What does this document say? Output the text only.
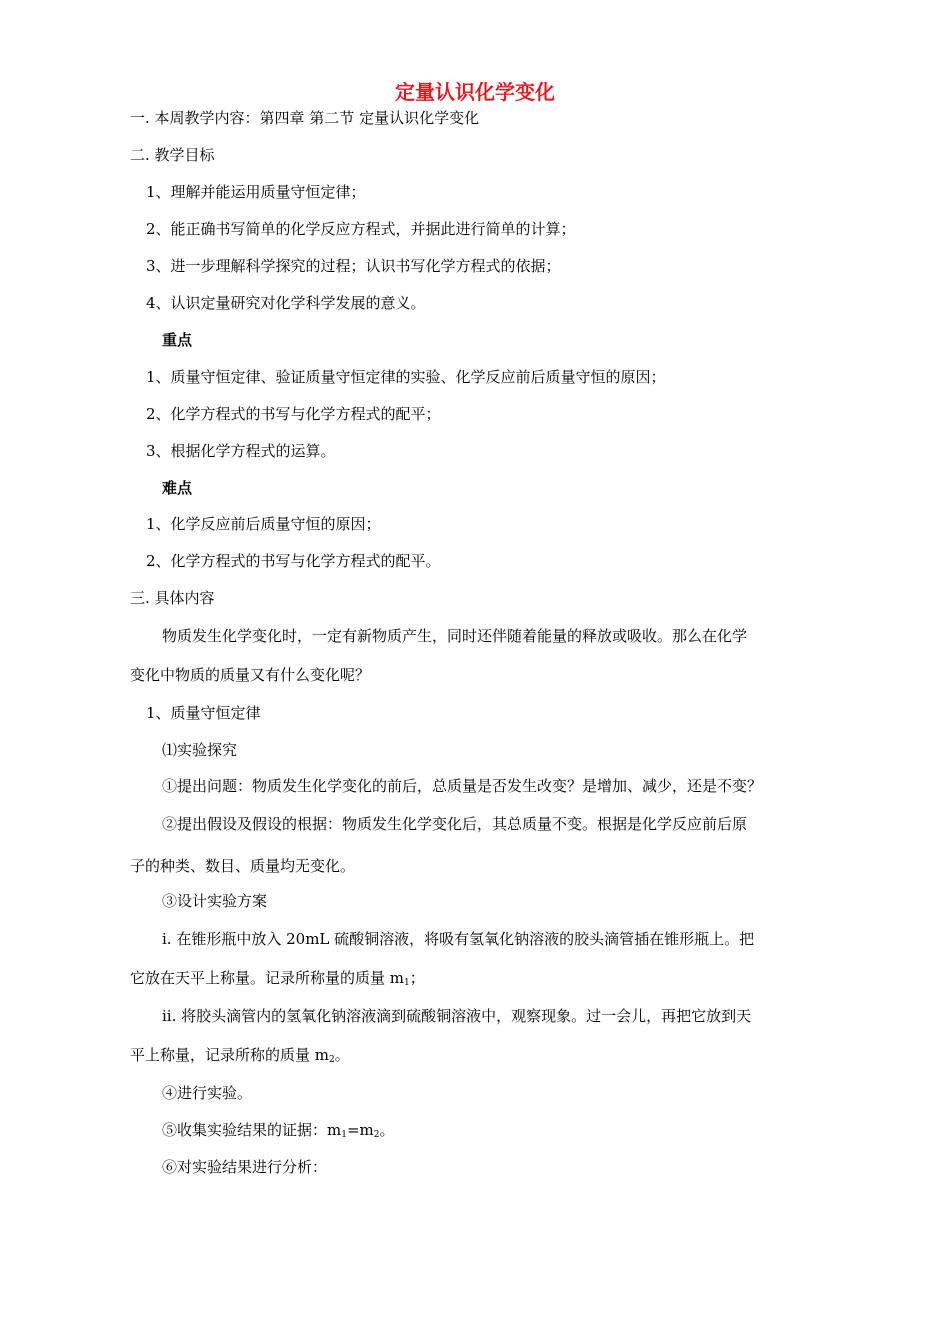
定量认识化学变化
一. 本周教学内容：第四章 第二节 定量认识化学变化
二. 教学目标
1、理解并能运用质量守恒定律；
2、能正确书写简单的化学反应方程式，并据此进行简单的计算；
3、进一步理解科学探究的过程；认识书写化学方程式的依据；
4、认识定量研究对化学科学发展的意义。
重点
1、质量守恒定律、验证质量守恒定律的实验、化学反应前后质量守恒的原因；
2、化学方程式的书写与化学方程式的配平；
3、根据化学方程式的运算。
难点
1、化学反应前后质量守恒的原因；
2、化学方程式的书写与化学方程式的配平。
三. 具体内容
物质发生化学变化时，一定有新物质产生，同时还伴随着能量的释放或吸收。那么在化学
变化中物质的质量又有什么变化呢？
1、质量守恒定律
⑴实验探究
①提出问题：物质发生化学变化的前后，总质量是否发生改变？是增加、减少，还是不变？
②提出假设及假设的根据：物质发生化学变化后，其总质量不变。根据是化学反应前后原
子的种类、数目、质量均无变化。
③设计实验方案
i. 在锥形瓶中放入 20mL 硫酸铜溶液，将吸有氢氧化钠溶液的胶头滴管插在锥形瓶上。把
它放在天平上称量。记录所称量的质量 $m_1$；
ii. 将胶头滴管内的氢氧化钠溶液滴到硫酸铜溶液中，观察现象。过一会儿，再把它放到天
平上称量，记录所称的质量 $m_2$。
④进行实验。
⑤收集实验结果的证据：$m_1=m_2$。
⑥对实验结果进行分析：
